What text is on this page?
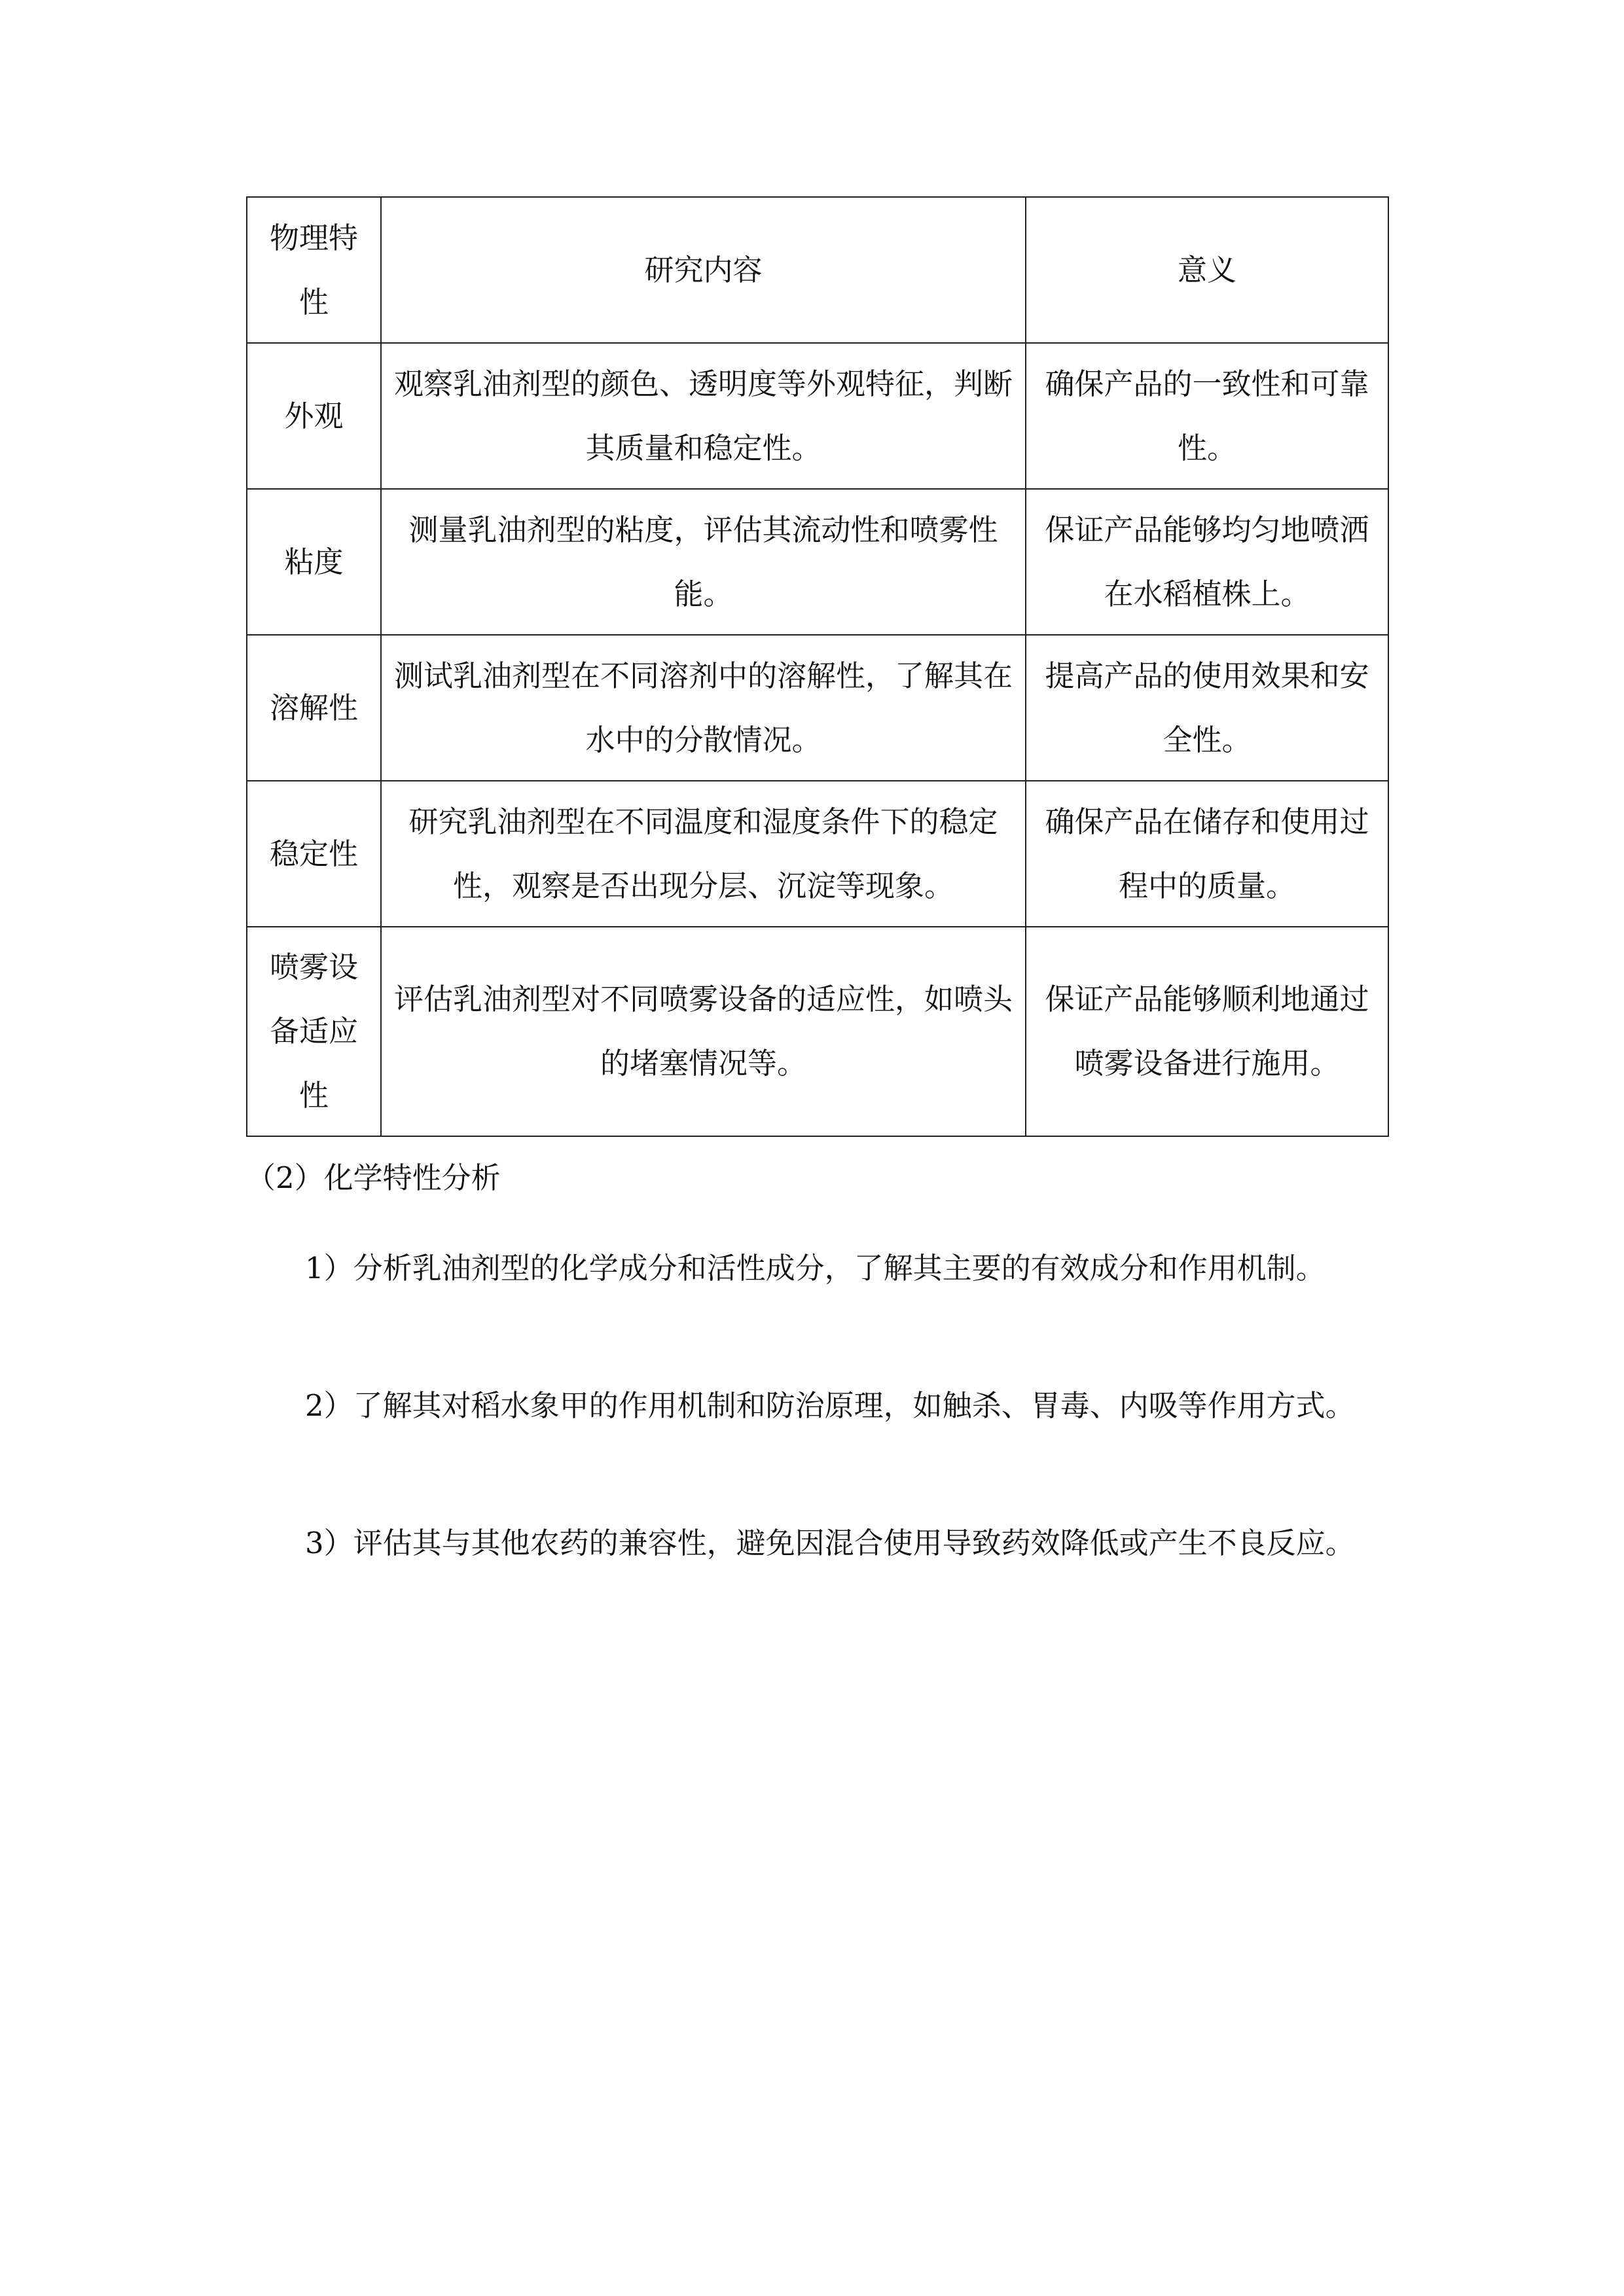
物理特性	研究内容	意义
外观	观察乳油剂型的颜色、透明度等外观特征，判断其质量和稳定性。	确保产品的一致性和可靠性。
粘度	测量乳油剂型的粘度，评估其流动性和喷雾性能。	保证产品能够均匀地喷洒在水稻植株上。
溶解性	测试乳油剂型在不同溶剂中的溶解性，了解其在水中的分散情况。	提高产品的使用效果和安全性。
稳定性	研究乳油剂型在不同温度和湿度条件下的稳定性，观察是否出现分层、沉淀等现象。	确保产品在储存和使用过程中的质量。
喷雾设备适应性	评估乳油剂型对不同喷雾设备的适应性，如喷头的堵塞情况等。	保证产品能够顺利地通过喷雾设备进行施用。
（2）化学特性分析

1）分析乳油剂型的化学成分和活性成分，了解其主要的有效成分和作用机制。

2）了解其对稻水象甲的作用机制和防治原理，如触杀、胃毒、内吸等作用方式。

3）评估其与其他农药的兼容性，避免因混合使用导致药效降低或产生不良反应。
